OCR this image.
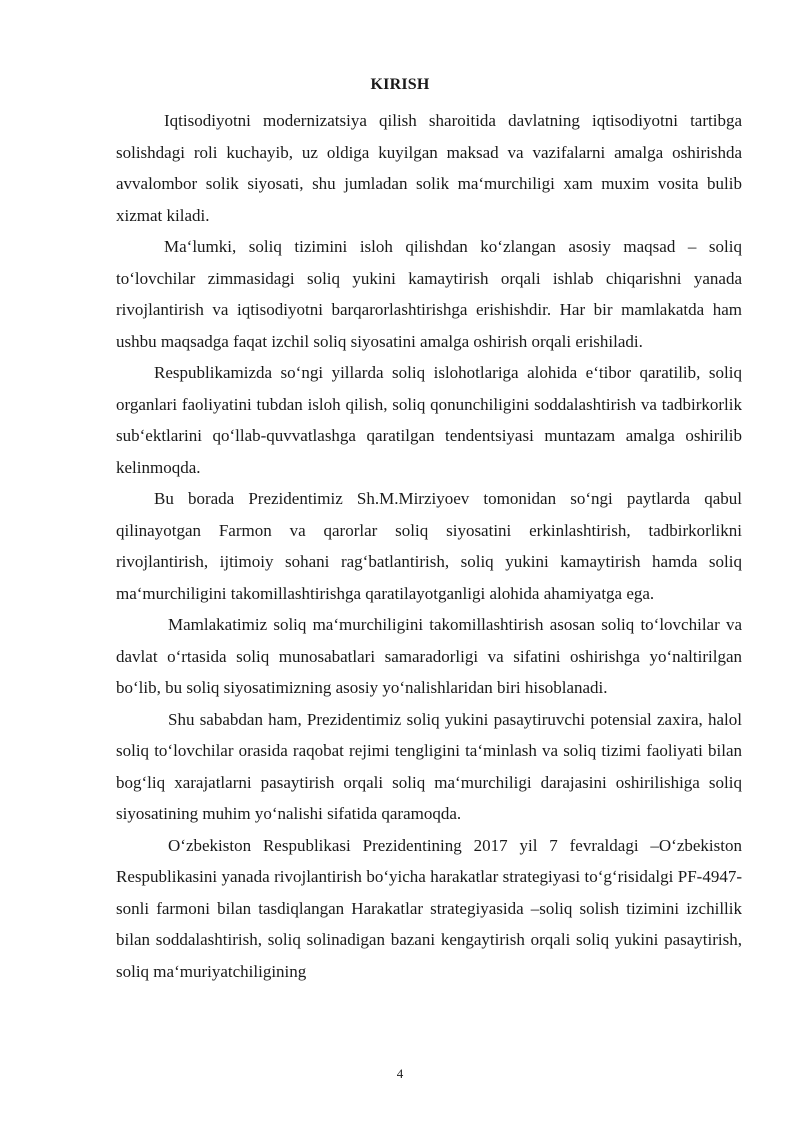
KIRISH

Iqtisodiyotni modernizatsiya qilish sharoitida davlatning iqtisodiyotni tartibga solishdagi roli kuchayib, uz oldiga kuyilgan maksad va vazifalarni amalga oshirishda avvalombor solik siyosati, shu jumladan solik maʻmurchiligi xam muxim vosita bulib xizmat kiladi.

Maʻlumki, soliq tizimini isloh qilishdan koʻzlangan asosiy maqsad – soliq toʻlovchilar zimmasidagi soliq yukini kamaytirish orqali ishlab chiqarishni yanada rivojlantirish va iqtisodiyotni barqarorlashtirishga erishishdir. Har bir mamlakatda ham ushbu maqsadga faqat izchil soliq siyosatini amalga oshirish orqali erishiladi.

Respublikamizda soʻngi yillarda soliq islohotlariga alohida eʻtibor qaratilib, soliq organlari faoliyatini tubdan isloh qilish, soliq qonunchiligini soddalashtirish va tadbirkorlik subʻektlarini qoʻllab-quvvatlashga qaratilgan tendentsiyasi muntazam amalga oshirilib kelinmoqda.

Bu borada Prezidentimiz Sh.M.Mirziyoev tomonidan soʻngi paytlarda qabul qilinayotgan Farmon va qarorlar soliq siyosatini erkinlashtirish, tadbirkorlikni rivojlantirish, ijtimoiy sohani ragʻbatlantirish, soliq yukini kamaytirish hamda soliq maʻmurchiligini takomillashtirishga qaratilayotganligi alohida ahamiyatga ega.

Mamlakatimiz soliq maʻmurchiligini takomillashtirish asosan soliq toʻlovchilar va davlat oʻrtasida soliq munosabatlari samaradorligi va sifatini oshirishga yoʻnaltirilgan boʻlib, bu soliq siyosatimizning asosiy yoʻnalishlaridan biri hisoblanadi.

Shu sababdan ham, Prezidentimiz soliq yukini pasaytiruvchi potensial zaxira, halol soliq toʻlovchilar orasida raqobat rejimi tengligini taʻminlash va soliq tizimi faoliyati bilan bogʻliq xarajatlarni pasaytirish orqali soliq maʻmurchiligi darajasini oshirilishiga soliq siyosatining muhim yoʻnalishi sifatida qaramoqda.

Oʻzbekiston Respublikasi Prezidentining 2017 yil 7 fevraldagi –Oʻzbekiston Respublikasini yanada rivojlantirish boʻyicha harakatlar strategiyasi toʻgʻrisidalgi PF-4947-sonli farmoni bilan tasdiqlangan Harakatlar strategiyasida –soliq solish tizimini izchillik bilan soddalashtirish, soliq solinadigan bazani kengaytirish orqali soliq yukini pasaytirish, soliq maʻmuriyatchiligining

4
